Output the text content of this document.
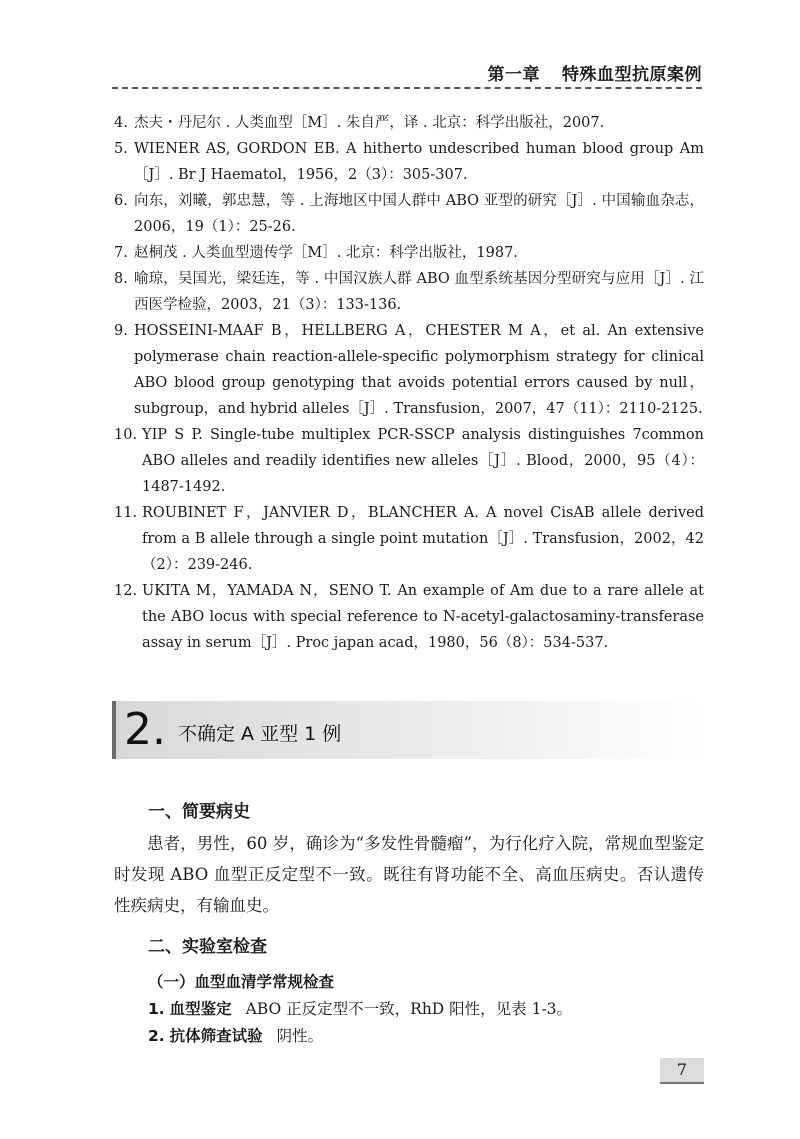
第一章 特殊血型抗原案例
4. 杰夫・丹尼尔 . 人类血型［M］. 朱自严，译 . 北京：科学出版社，2007.
5. WIENER AS, GORDON EB. A hitherto undescribed human blood group Am［J］. Br J Haematol，1956，2（3）：305-307.
6. 向东，刘曦，郭忠慧，等 . 上海地区中国人群中 ABO 亚型的研究［J］. 中国输血杂志，2006，19（1）：25-26.
7. 赵桐茂 . 人类血型遗传学［M］. 北京：科学出版社，1987.
8. 喻琼，吴国光，梁廷连，等 . 中国汉族人群 ABO 血型系统基因分型研究与应用［J］. 江西医学检验，2003，21（3）：133-136.
9. HOSSEINI-MAAF B，HELLBERG A，CHESTER M A，et al. An extensive polymerase chain reaction-allele-specific polymorphism strategy for clinical ABO blood group genotyping that avoids potential errors caused by null，subgroup，and hybrid alleles［J］. Transfusion，2007，47（11）：2110-2125.
10. YIP S P. Single-tube multiplex PCR-SSCP analysis distinguishes 7common ABO alleles and readily identifies new alleles［J］. Blood，2000，95（4）：1487-1492.
11. ROUBINET F，JANVIER D，BLANCHER A. A novel CisAB allele derived from a B allele through a single point mutation［J］. Transfusion，2002，42（2）：239-246.
12. UKITA M，YAMADA N，SENO T. An example of Am due to a rare allele at the ABO locus with special reference to N-acetyl-galactosaminy-transferase assay in serum［J］. Proc japan acad，1980，56（8）：534-537.
2. 不确定 A 亚型 1 例
一、简要病史
患者，男性，60 岁，确诊为“多发性骨髓瘤”，为行化疗入院，常规血型鉴定时发现 ABO 血型正反定型不一致。既往有肾功能不全、高血压病史。否认遗传性疾病史，有输血史。
二、实验室检查
（一）血型血清学常规检查
1. 血型鉴定 ABO 正反定型不一致，RhD 阳性，见表 1-3。
2. 抗体筛查试验 阴性。
7
